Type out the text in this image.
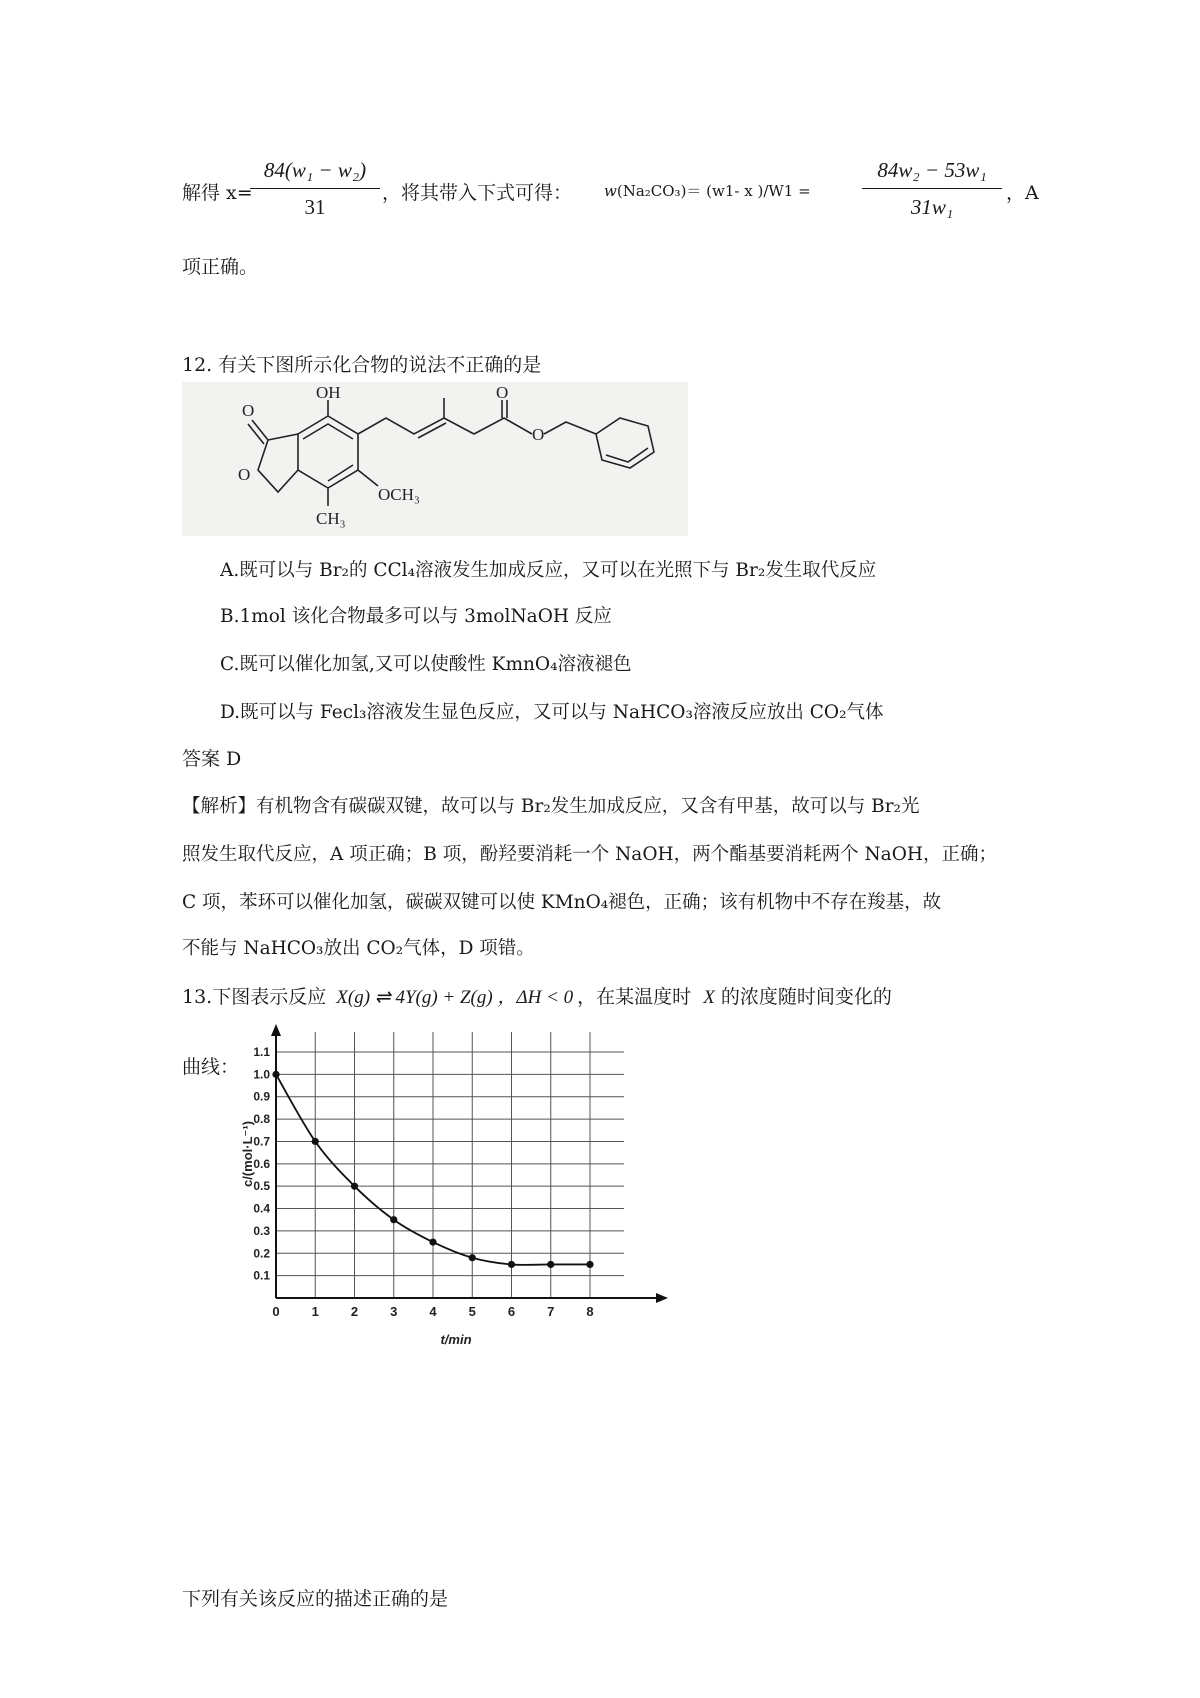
解得 x=
84(w₁ − w₂)
31
，将其带入下式可得： w(Na₂CO₃)＝ (w1- x )/W1 =
84w₂ − 53w₁
31w₁
，A
项正确。
12. 有关下图所示化合物的说法不正确的是
O
O
OH
OCH₃
CH₃
O
O
A.既可以与 Br₂的 CCl₄溶液发生加成反应，又可以在光照下与 Br₂发生取代反应
B.1mol 该化合物最多可以与 3molNaOH 反应
C.既可以催化加氢,又可以使酸性 KmnO₄溶液褪色
D.既可以与 Fecl₃溶液发生显色反应，又可以与 NaHCO₃溶液反应放出 CO₂气体
答案 D
【解析】有机物含有碳碳双键，故可以与 Br₂发生加成反应，又含有甲基，故可以与 Br₂光
照发生取代反应，A 项正确；B 项，酚羟要消耗一个 NaOH，两个酯基要消耗两个 NaOH，正确；
C 项，苯环可以催化加氢，碳碳双键可以使 KMnO₄褪色，正确；该有机物中不存在羧基，故
不能与 NaHCO₃放出 CO₂气体，D 项错。
13.下图表示反应 X(g) ⇌ 4Y(g) + Z(g) ，ΔH < 0 ，在某温度时 X 的浓度随时间变化的
曲线：
0 1 2 3 4 5 6 7 8
0.1
0.2
0.3
0.4
0.5
0.6
0.7
0.8
0.9
1.0
1.1
c/(mol·L⁻¹)
t/min
下列有关该反应的描述正确的是
